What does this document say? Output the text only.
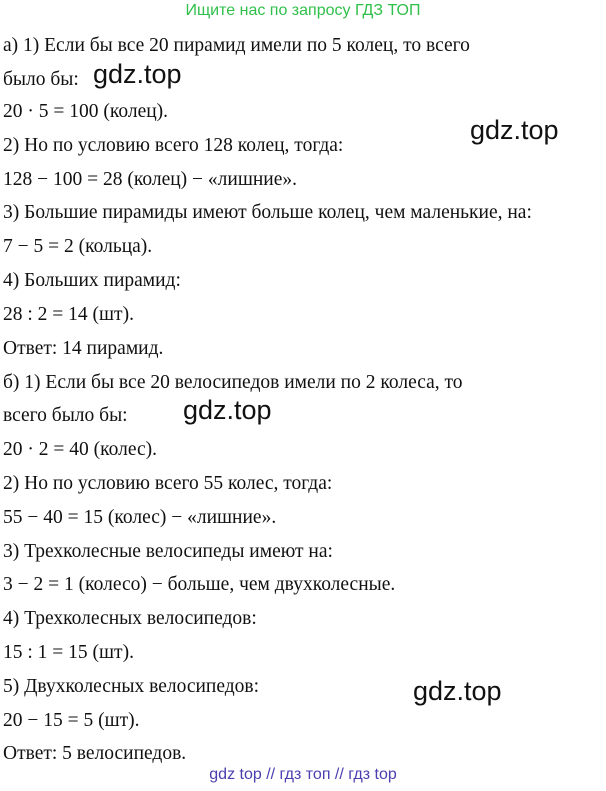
Ищите нас по запросу ГДЗ ТОП
а) 1) Если бы все 20 пирамид имели по 5 колец, то всего
было бы:
20 · 5 = 100 (колец).
2) Но по условию всего 128 колец, тогда:
128 − 100 = 28 (колец) − «лишние».
3) Большие пирамиды имеют больше колец, чем маленькие, на:
7 − 5 = 2 (кольца).
4) Больших пирамид:
28 : 2 = 14 (шт).
Ответ: 14 пирамид.
б) 1) Если бы все 20 велосипедов имели по 2 колеса, то
всего было бы:
20 · 2 = 40 (колес).
2) Но по условию всего 55 колес, тогда:
55 − 40 = 15 (колес) − «лишние».
3) Трехколесные велосипеды имеют на:
3 − 2 = 1 (колесо) − больше, чем двухколесные.
4) Трехколесных велосипедов:
15 : 1 = 15 (шт).
5) Двухколесных велосипедов:
20 − 15 = 5 (шт).
Ответ: 5 велосипедов.
gdz.top
gdz.top
gdz.top
gdz.top
gdz top // гдз топ // гдз top
